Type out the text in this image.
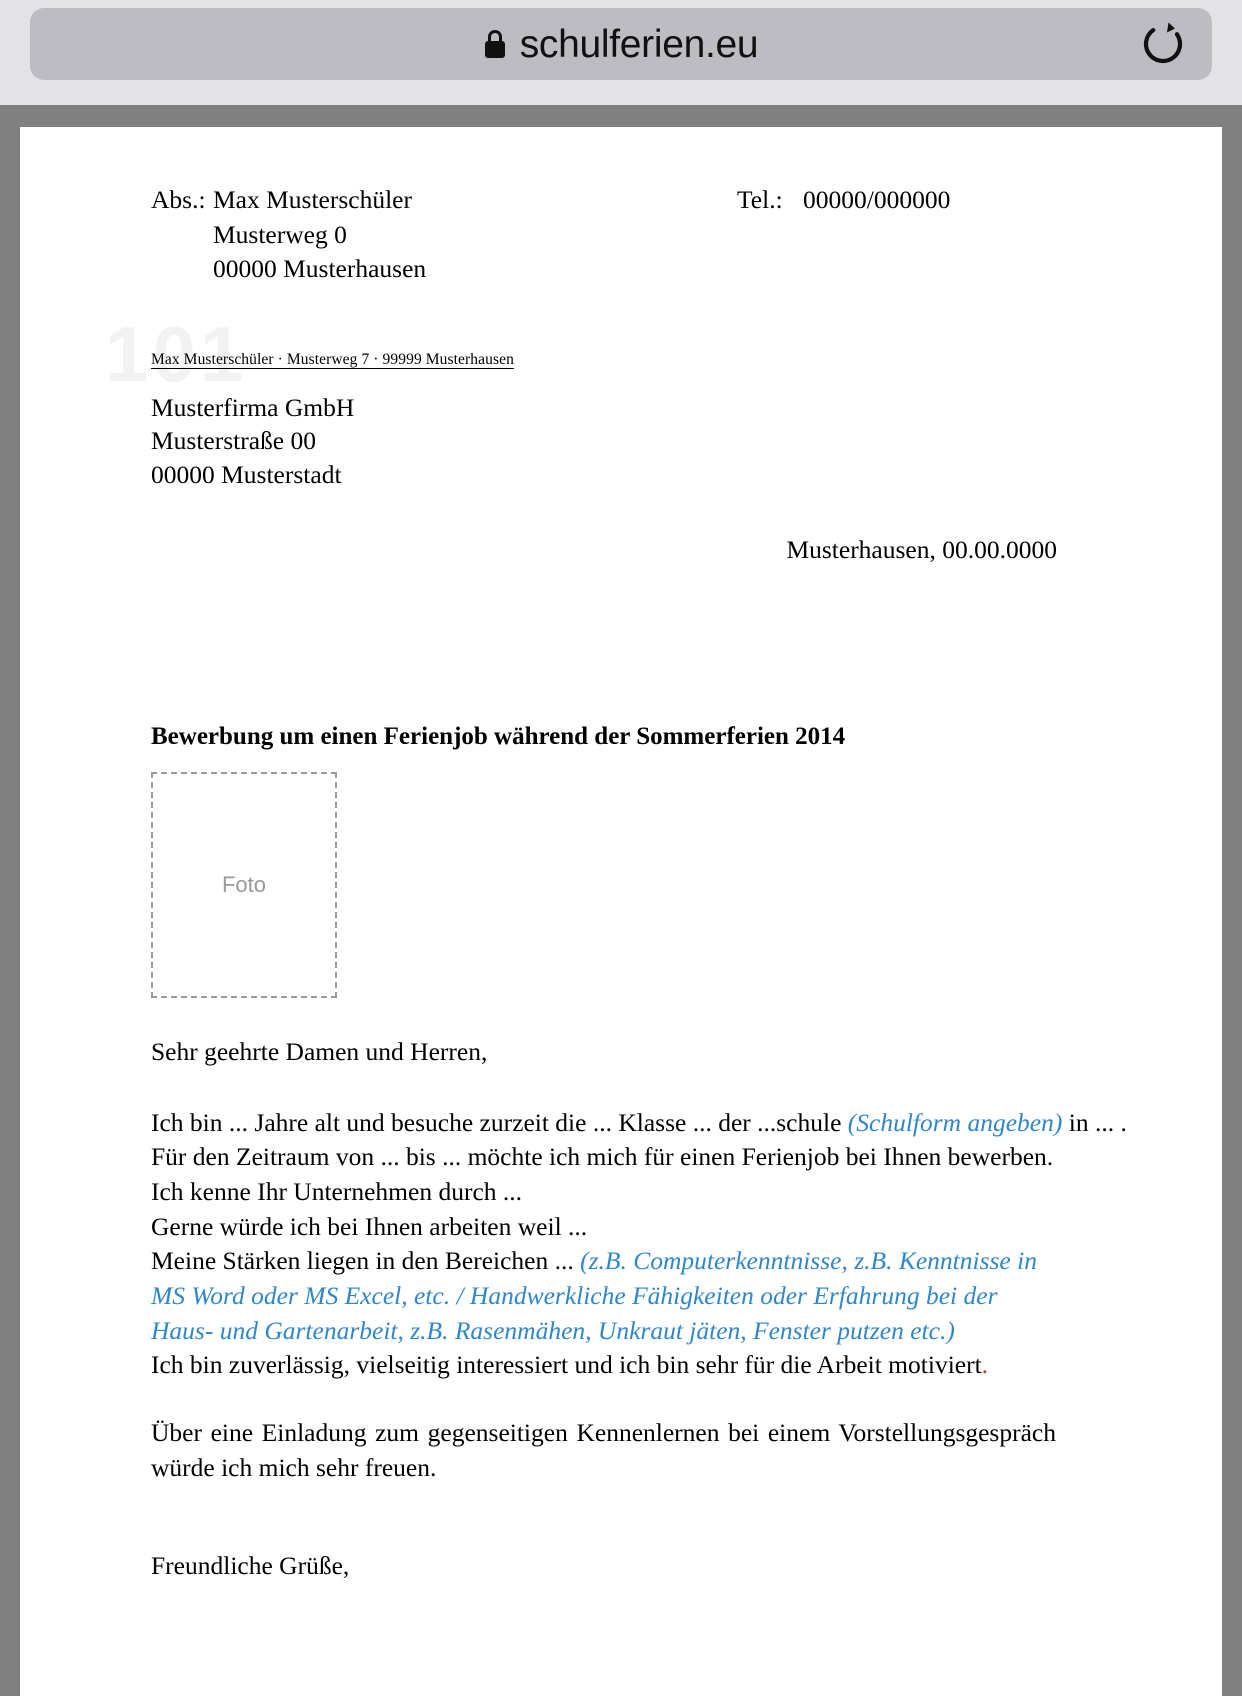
schulferien.eu
101
Abs.: Max Musterschüler
Musterweg 0
00000 Musterhausen
Tel.: 00000/000000
Max Musterschüler · Musterweg 7 · 99999 Musterhausen
Musterfirma GmbH
Musterstraße 00
00000 Musterstadt
Musterhausen, 00.00.0000
Bewerbung um einen Ferienjob während der Sommerferien 2014
Foto
Sehr geehrte Damen und Herren,
Ich bin ... Jahre alt und besuche zurzeit die ... Klasse ... der ...schule (Schulform angeben) in ... .
Für den Zeitraum von ... bis ... möchte ich mich für einen Ferienjob bei Ihnen bewerben.
Ich kenne Ihr Unternehmen durch ...
Gerne würde ich bei Ihnen arbeiten weil ...
Meine Stärken liegen in den Bereichen ... (z.B. Computerkenntnisse, z.B. Kenntnisse in MS Word oder MS Excel, etc. / Handwerkliche Fähigkeiten oder Erfahrung bei der Haus- und Gartenarbeit, z.B. Rasenmähen, Unkraut jäten, Fenster putzen etc.)
Ich bin zuverlässig, vielseitig interessiert und ich bin sehr für die Arbeit motiviert.
Über eine Einladung zum gegenseitigen Kennenlernen bei einem Vorstellungsgespräch würde ich mich sehr freuen.
Freundliche Grüße,
